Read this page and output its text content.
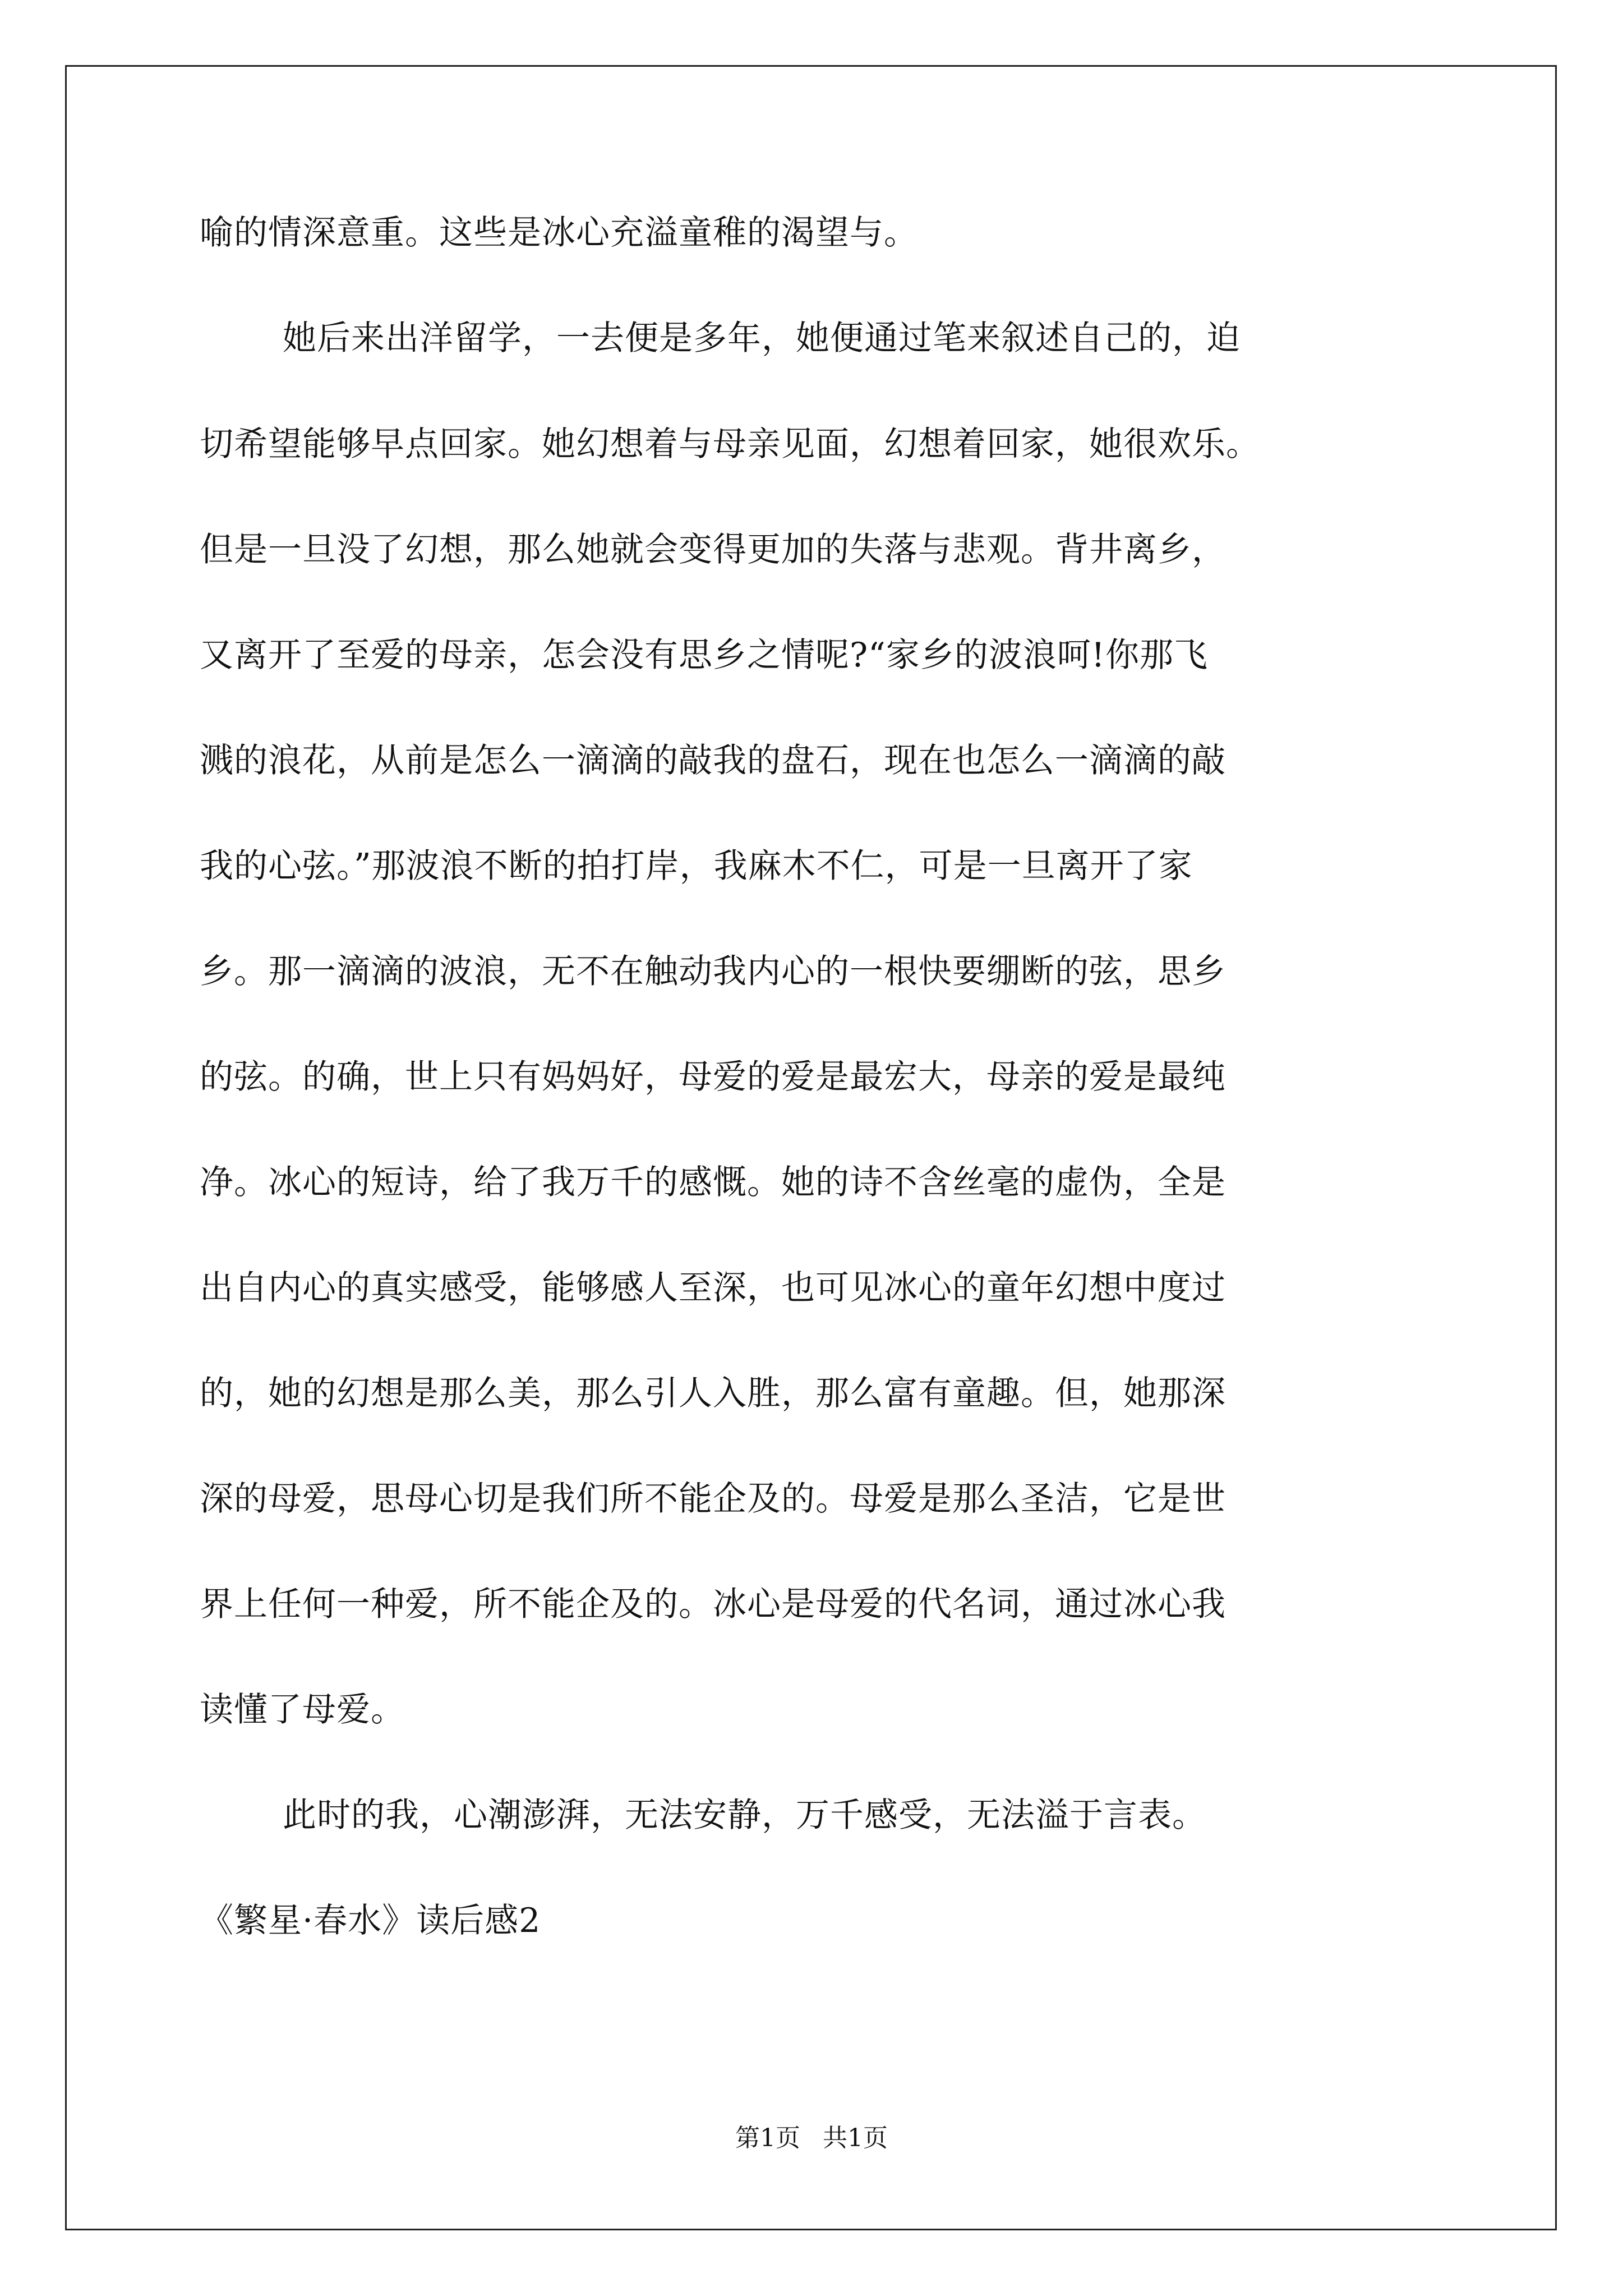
喻的情深意重。这些是冰心充溢童稚的渴望与。
她后来出洋留学，一去便是多年，她便通过笔来叙述自己的，迫
切希望能够早点回家。她幻想着与母亲见面，幻想着回家，她很欢乐。
但是一旦没了幻想，那么她就会变得更加的失落与悲观。背井离乡，
又离开了至爱的母亲，怎会没有思乡之情呢?“家乡的波浪呵!你那飞
溅的浪花，从前是怎么一滴滴的敲我的盘石，现在也怎么一滴滴的敲
我的心弦。”那波浪不断的拍打岸，我麻木不仁，可是一旦离开了家
乡。那一滴滴的波浪，无不在触动我内心的一根快要绷断的弦，思乡
的弦。的确，世上只有妈妈好，母爱的爱是最宏大，母亲的爱是最纯
净。冰心的短诗，给了我万千的感慨。她的诗不含丝毫的虚伪，全是
出自内心的真实感受，能够感人至深，也可见冰心的童年幻想中度过
的，她的幻想是那么美，那么引人入胜，那么富有童趣。但，她那深
深的母爱，思母心切是我们所不能企及的。母爱是那么圣洁，它是世
界上任何一种爱，所不能企及的。冰心是母爱的代名词，通过冰心我
读懂了母爱。
此时的我，心潮澎湃，无法安静，万千感受，无法溢于言表。
《繁星·春水》读后感2
第1页 共1页
